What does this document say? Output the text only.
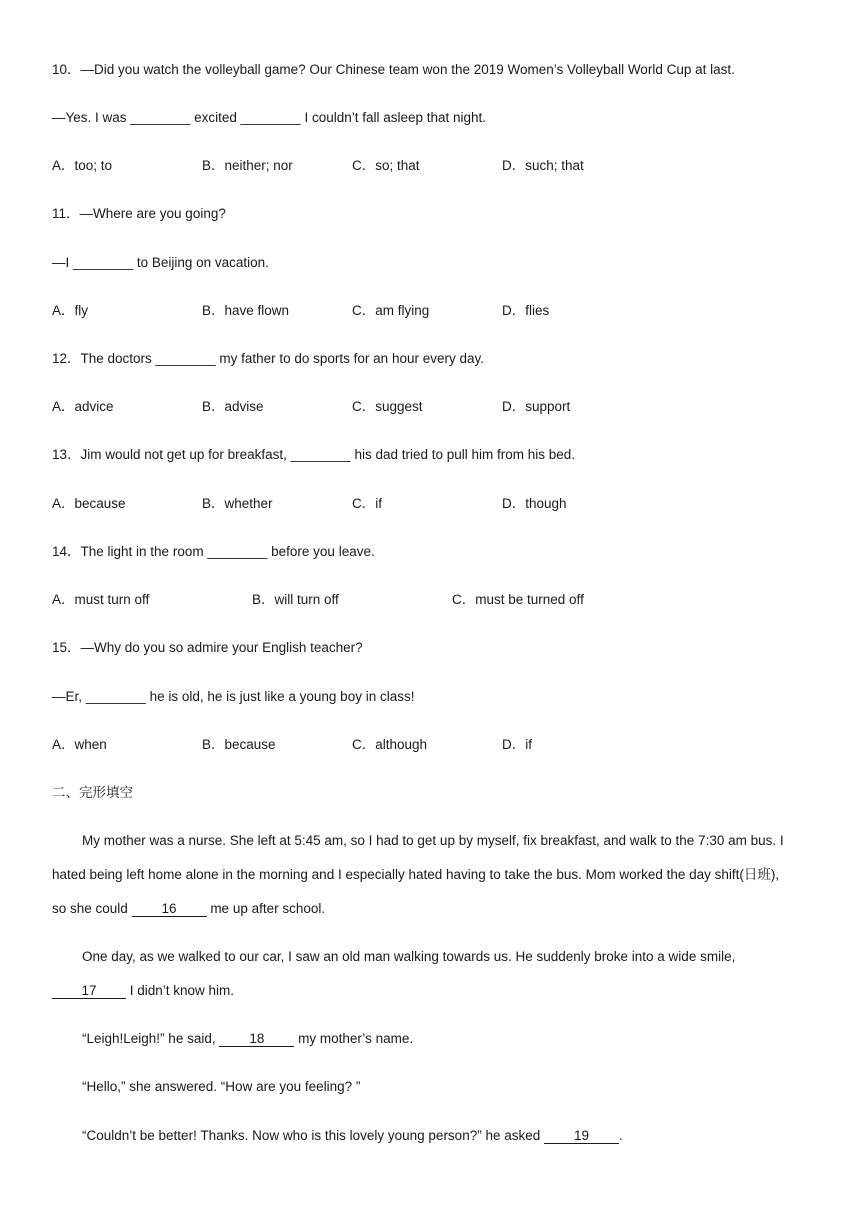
10．—Did you watch the volleyball game? Our Chinese team won the 2019 Women’s Volleyball World Cup at last.
—Yes. I was ________ excited ________ I couldn’t fall asleep that night.
A．too; to	B．neither; nor	C．so; that	D．such; that
11．—Where are you going?
—I ________ to Beijing on vacation.
A．fly	B．have flown	C．am flying	D．flies
12．The doctors ________ my father to do sports for an hour every day.
A．advice	B．advise	C．suggest	D．support
13．Jim would not get up for breakfast, ________ his dad tried to pull him from his bed.
A．because	B．whether	C．if	D．though
14．The light in the room ________ before you leave.
A．must turn off	B．will turn off	C．must be turned off
15．—Why do you so admire your English teacher?
—Er, ________ he is old, he is just like a young boy in class!
A．when	B．because	C．although	D．if
二、完形填空
My mother was a nurse. She left at 5:45 am, so I had to get up by myself, fix breakfast, and walk to the 7:30 am bus. I
hated being left home alone in the morning and I especially hated having to take the bus. Mom worked the day shift(日班),
so she could 16 me up after school.
One day, as we walked to our car, I saw an old man walking towards us. He suddenly broke into a wide smile,
17 I didn’t know him.
“Leigh!Leigh!” he said, 18 my mother’s name.
“Hello,” she answered. “How are you feeling? ”
“Couldn’t be better! Thanks. Now who is this lovely young person?” he asked 19 .
